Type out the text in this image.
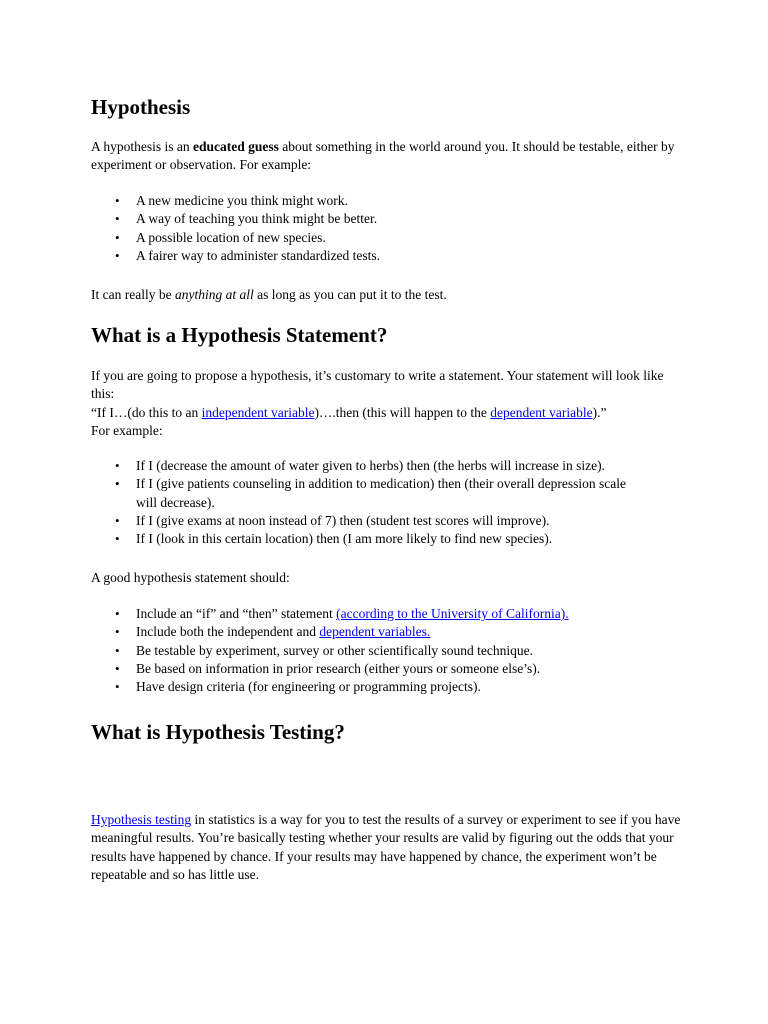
Hypothesis

A hypothesis is an educated guess about something in the world around you. It should be testable, either by experiment or observation. For example:

• A new medicine you think might work.
• A way of teaching you think might be better.
• A possible location of new species.
• A fairer way to administer standardized tests.

It can really be anything at all as long as you can put it to the test.

What is a Hypothesis Statement?

If you are going to propose a hypothesis, it’s customary to write a statement. Your statement will look like this:
“If I…(do this to an independent variable)….then (this will happen to the dependent variable).”
For example:

• If I (decrease the amount of water given to herbs) then (the herbs will increase in size).
• If I (give patients counseling in addition to medication) then (their overall depression scale will decrease).
• If I (give exams at noon instead of 7) then (student test scores will improve).
• If I (look in this certain location) then (I am more likely to find new species).

A good hypothesis statement should:

• Include an “if” and “then” statement (according to the University of California).
• Include both the independent and dependent variables.
• Be testable by experiment, survey or other scientifically sound technique.
• Be based on information in prior research (either yours or someone else’s).
• Have design criteria (for engineering or programming projects).
What is Hypothesis Testing?

Hypothesis testing in statistics is a way for you to test the results of a survey or experiment to see if you have meaningful results. You’re basically testing whether your results are valid by figuring out the odds that your results have happened by chance. If your results may have happened by chance, the experiment won’t be repeatable and so has little use.
